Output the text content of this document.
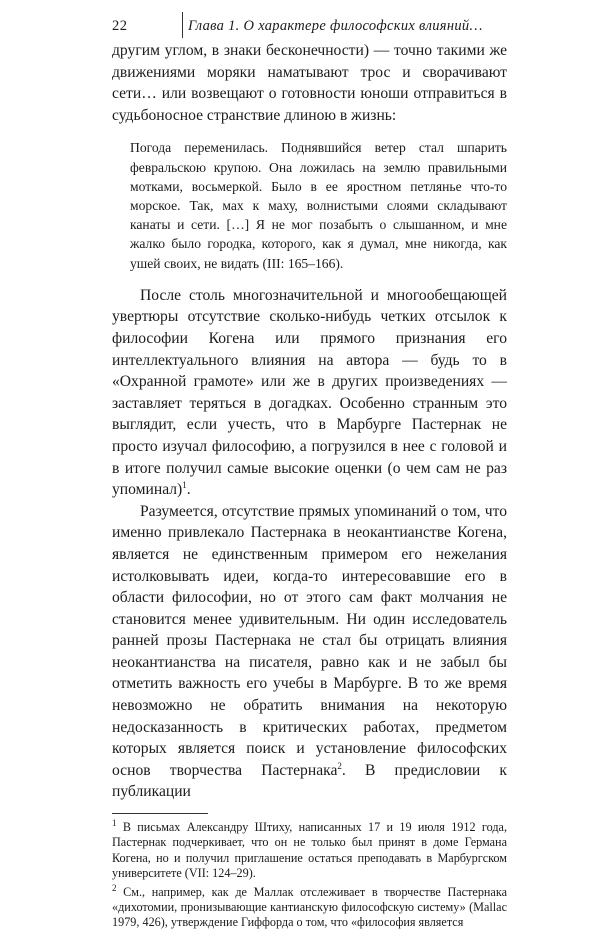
22	Глава 1. О характере философских влияний…

другим углом, в знаки бесконечности) — точно такими же движениями моряки наматывают трос и сворачивают сети… или возвещают о готовности юноши отправиться в судьбоносное странствие длиною в жизнь:

Погода переменилась. Поднявшийся ветер стал шпарить февральскою крупою. Она ложилась на землю правильными мотками, восьмеркой. Было в ее яростном петлянье что-то морское. Так, мах к маху, волнистыми слоями складывают канаты и сети. […] Я не мог позабыть о слышанном, и мне жалко было городка, которого, как я думал, мне никогда, как ушей своих, не видать (III: 165–166).

После столь многозначительной и многообещающей увертюры отсутствие сколько-нибудь четких отсылок к философии Когена или прямого признания его интеллектуального влияния на автора — будь то в «Охранной грамоте» или же в других произведениях — заставляет теряться в догадках. Особенно странным это выглядит, если учесть, что в Марбурге Пастернак не просто изучал философию, а погрузился в нее с головой и в итоге получил самые высокие оценки (о чем сам не раз упоминал)$^1$.

Разумеется, отсутствие прямых упоминаний о том, что именно привлекало Пастернака в неокантианстве Когена, является не единственным примером его нежелания истолковывать идеи, когда-то интересовавшие его в области философии, но от этого сам факт молчания не становится менее удивительным. Ни один исследователь ранней прозы Пастернака не стал бы отрицать влияния неокантианства на писателя, равно как и не забыл бы отметить важность его учебы в Марбурге. В то же время невозможно не обратить внимания на некоторую недосказанность в критических работах, предметом которых является поиск и установление философских основ творчества Пастернака$^2$. В предисловии к публикации

$^1$ В письмах Александру Штиху, написанных 17 и 19 июля 1912 года, Пастернак подчеркивает, что он не только был принят в доме Германа Когена, но и получил приглашение остаться преподавать в Марбургском университете (VII: 124–29).

$^2$ См., например, как де Маллак отслеживает в творчестве Пастернака «дихотомии, пронизывающие кантианскую философскую систему» (Mallac 1979, 426), утверждение Гиффорда о том, что «философия является
